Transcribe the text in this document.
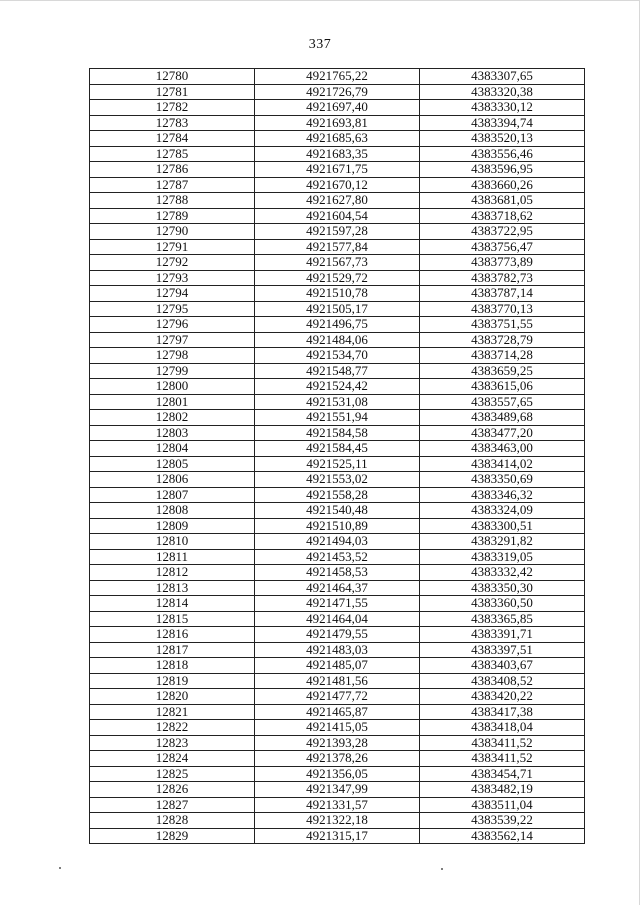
337
12780	4921765,22	4383307,65
12781	4921726,79	4383320,38
12782	4921697,40	4383330,12
12783	4921693,81	4383394,74
12784	4921685,63	4383520,13
12785	4921683,35	4383556,46
12786	4921671,75	4383596,95
12787	4921670,12	4383660,26
12788	4921627,80	4383681,05
12789	4921604,54	4383718,62
12790	4921597,28	4383722,95
12791	4921577,84	4383756,47
12792	4921567,73	4383773,89
12793	4921529,72	4383782,73
12794	4921510,78	4383787,14
12795	4921505,17	4383770,13
12796	4921496,75	4383751,55
12797	4921484,06	4383728,79
12798	4921534,70	4383714,28
12799	4921548,77	4383659,25
12800	4921524,42	4383615,06
12801	4921531,08	4383557,65
12802	4921551,94	4383489,68
12803	4921584,58	4383477,20
12804	4921584,45	4383463,00
12805	4921525,11	4383414,02
12806	4921553,02	4383350,69
12807	4921558,28	4383346,32
12808	4921540,48	4383324,09
12809	4921510,89	4383300,51
12810	4921494,03	4383291,82
12811	4921453,52	4383319,05
12812	4921458,53	4383332,42
12813	4921464,37	4383350,30
12814	4921471,55	4383360,50
12815	4921464,04	4383365,85
12816	4921479,55	4383391,71
12817	4921483,03	4383397,51
12818	4921485,07	4383403,67
12819	4921481,56	4383408,52
12820	4921477,72	4383420,22
12821	4921465,87	4383417,38
12822	4921415,05	4383418,04
12823	4921393,28	4383411,52
12824	4921378,26	4383411,52
12825	4921356,05	4383454,71
12826	4921347,99	4383482,19
12827	4921331,57	4383511,04
12828	4921322,18	4383539,22
12829	4921315,17	4383562,14
